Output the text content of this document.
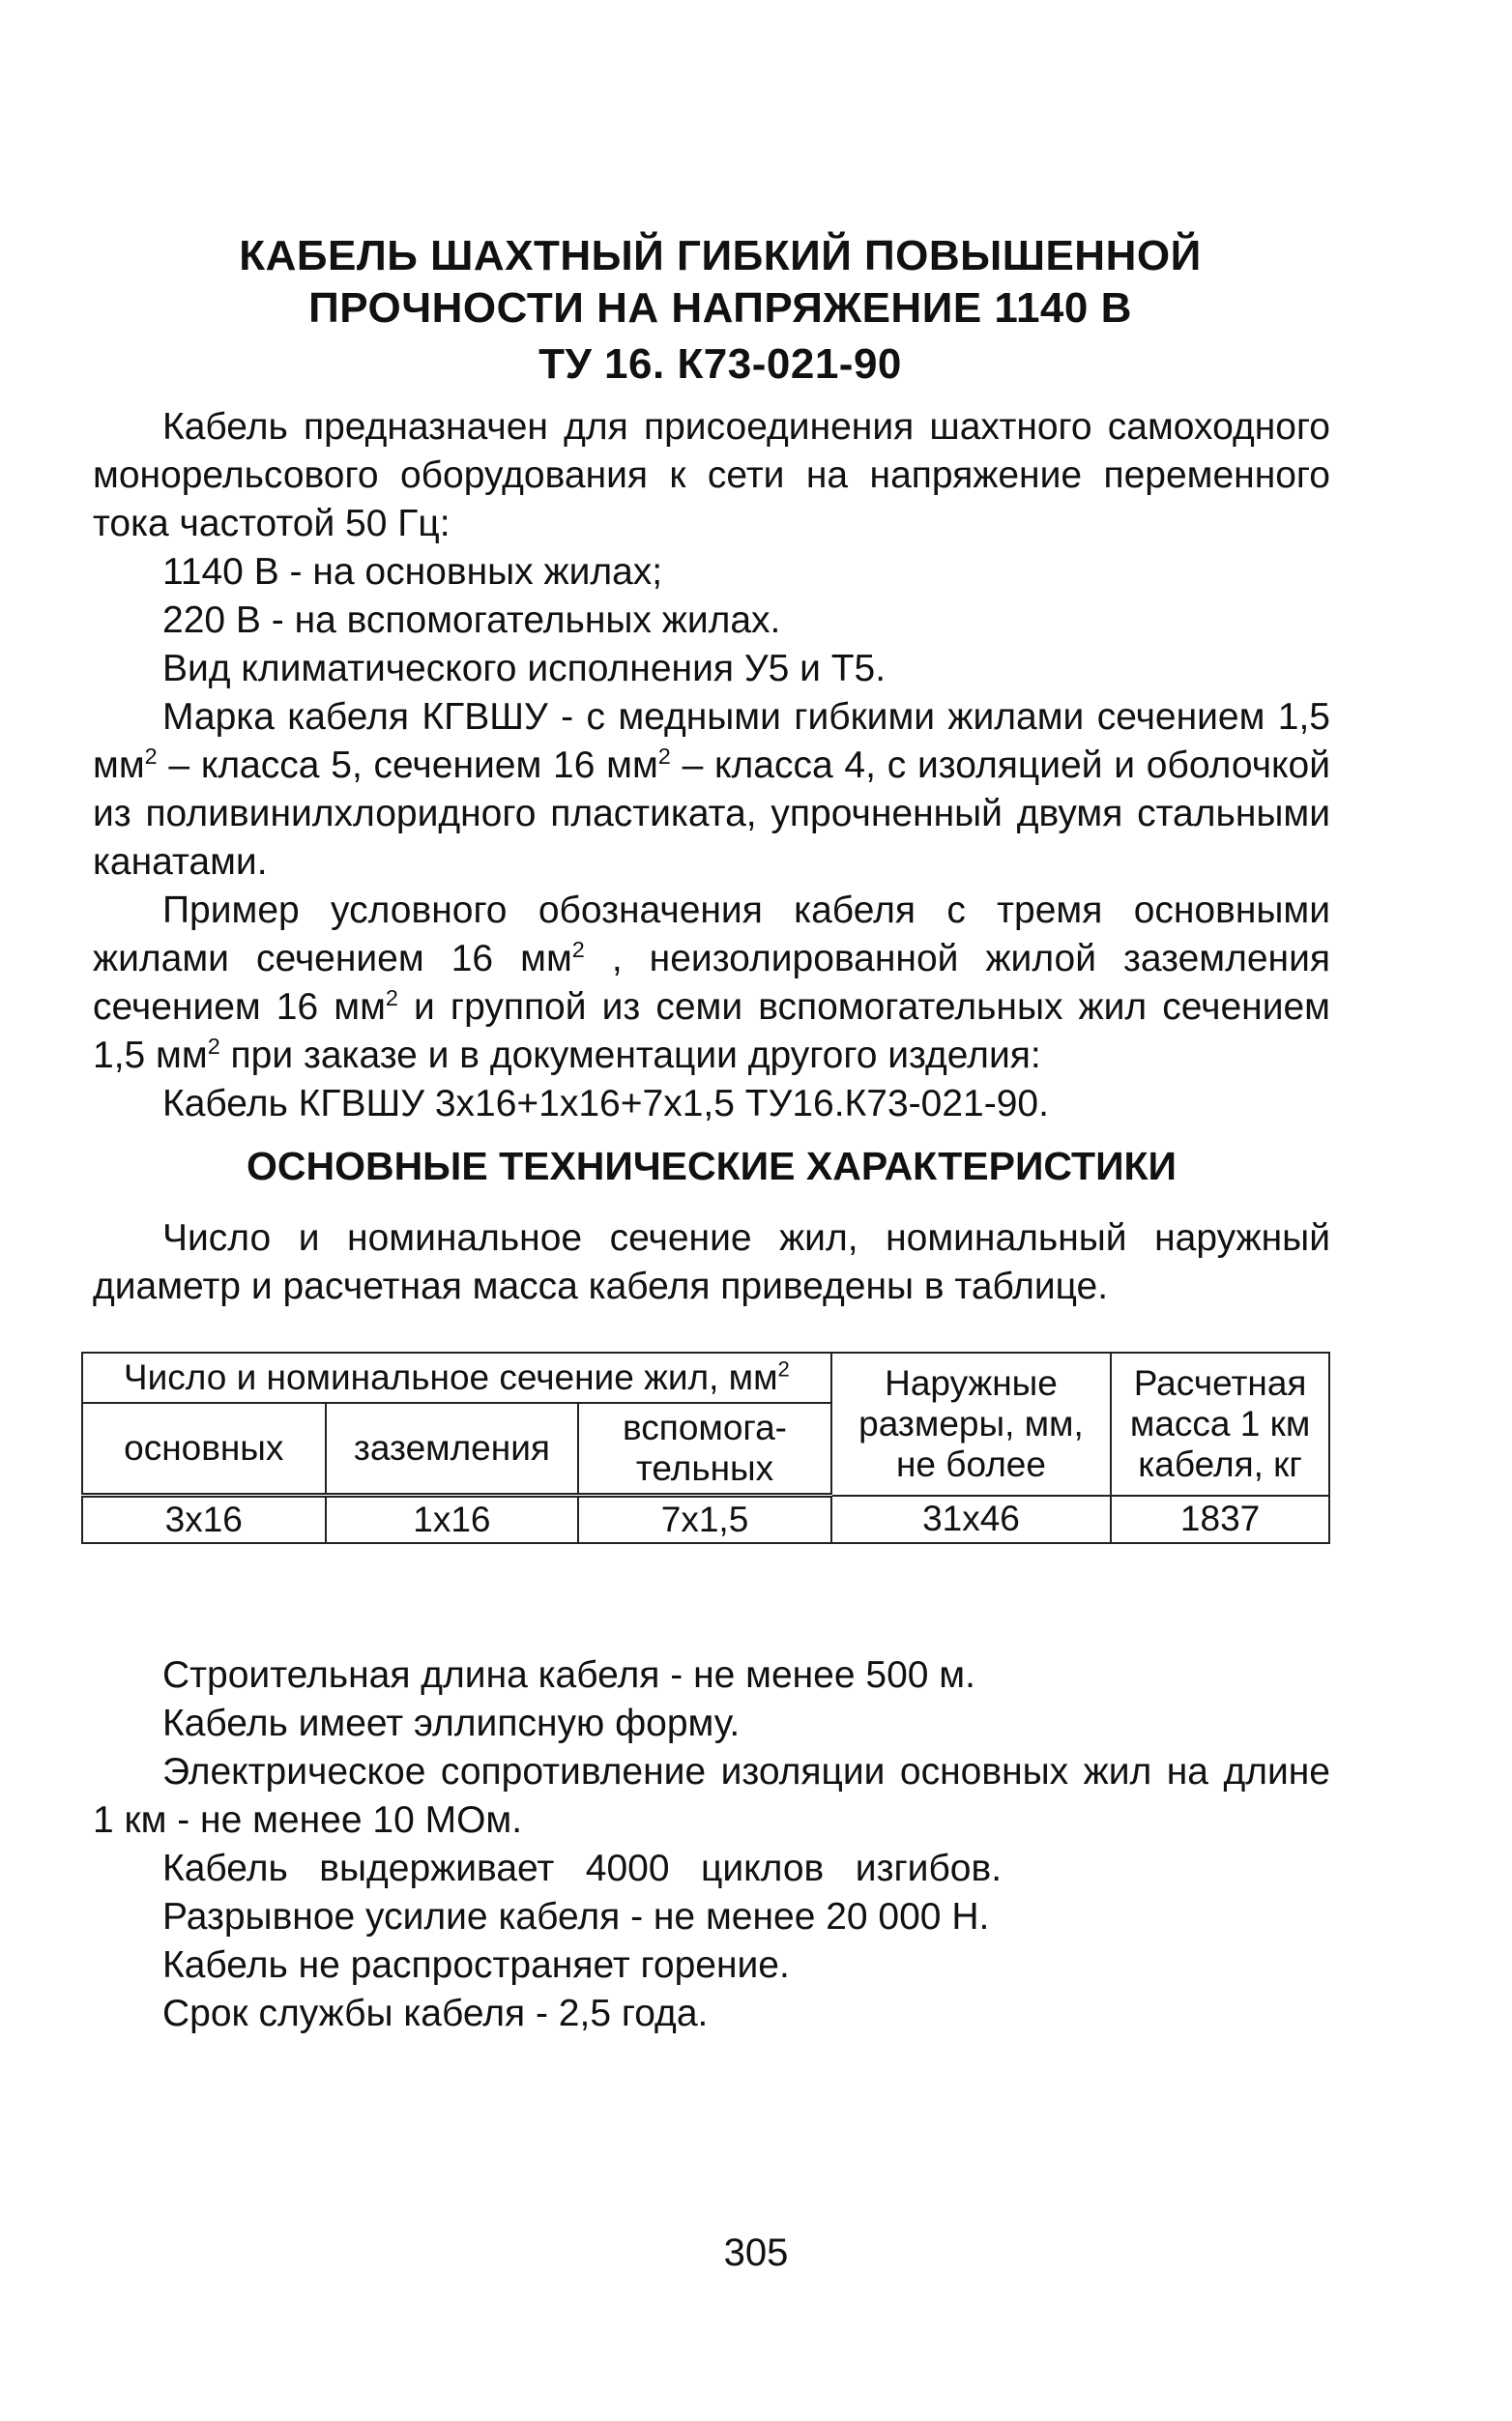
КАБЕЛЬ ШАХТНЫЙ ГИБКИЙ ПОВЫШЕННОЙ
ПРОЧНОСТИ НА НАПРЯЖЕНИЕ 1140 В
ТУ 16. К73-021-90

Кабель предназначен для присоединения шахтного самоходного монорельсового оборудования к сети на напряжение переменного тока частотой 50 Гц:

1140 В - на основных жилах;

220 В - на вспомогательных жилах.

Вид климатического исполнения У5 и Т5.

Марка кабеля КГВШУ - с медными гибкими жилами сечением 1,5 $мм^2$ – класса 5, сечением 16 $мм^2$ – класса 4, с изоляцией и оболочкой из поливинилхлоридного пластиката, упрочненный двумя стальными канатами.

Пример условного обозначения кабеля с тремя основными жилами сечением 16 $мм^2$ , неизолированной жилой заземления сечением 16 $мм^2$ и группой из семи вспомогательных жил сечением 1,5 $мм^2$ при заказе и в документации другого изделия:

Кабель КГВШУ 3х16+1х16+7х1,5 ТУ16.К73-021-90.

ОСНОВНЫЕ ТЕХНИЧЕСКИЕ ХАРАКТЕРИСТИКИ

Число и номинальное сечение жил, номинальный наружный диаметр и расчетная масса кабеля приведены в таблице.

Число и номинальное сечение жил, $мм^2$			Наружные размеры, мм, не более	Расчетная масса 1 км кабеля, кг
основных	заземления	вспомога-тельных		
3х16	1х16	7х1,5	31х46	1837

Строительная длина кабеля - не менее 500 м.

Кабель имеет эллипсную форму.

Электрическое сопротивление изоляции основных жил на длине 1 км - не менее 10 МОм.

Кабель   выдерживает   4000   циклов   изгибов.

Разрывное усилие кабеля - не менее 20 000 Н.

Кабель не распространяет горение.

Срок службы кабеля - 2,5 года.

305
